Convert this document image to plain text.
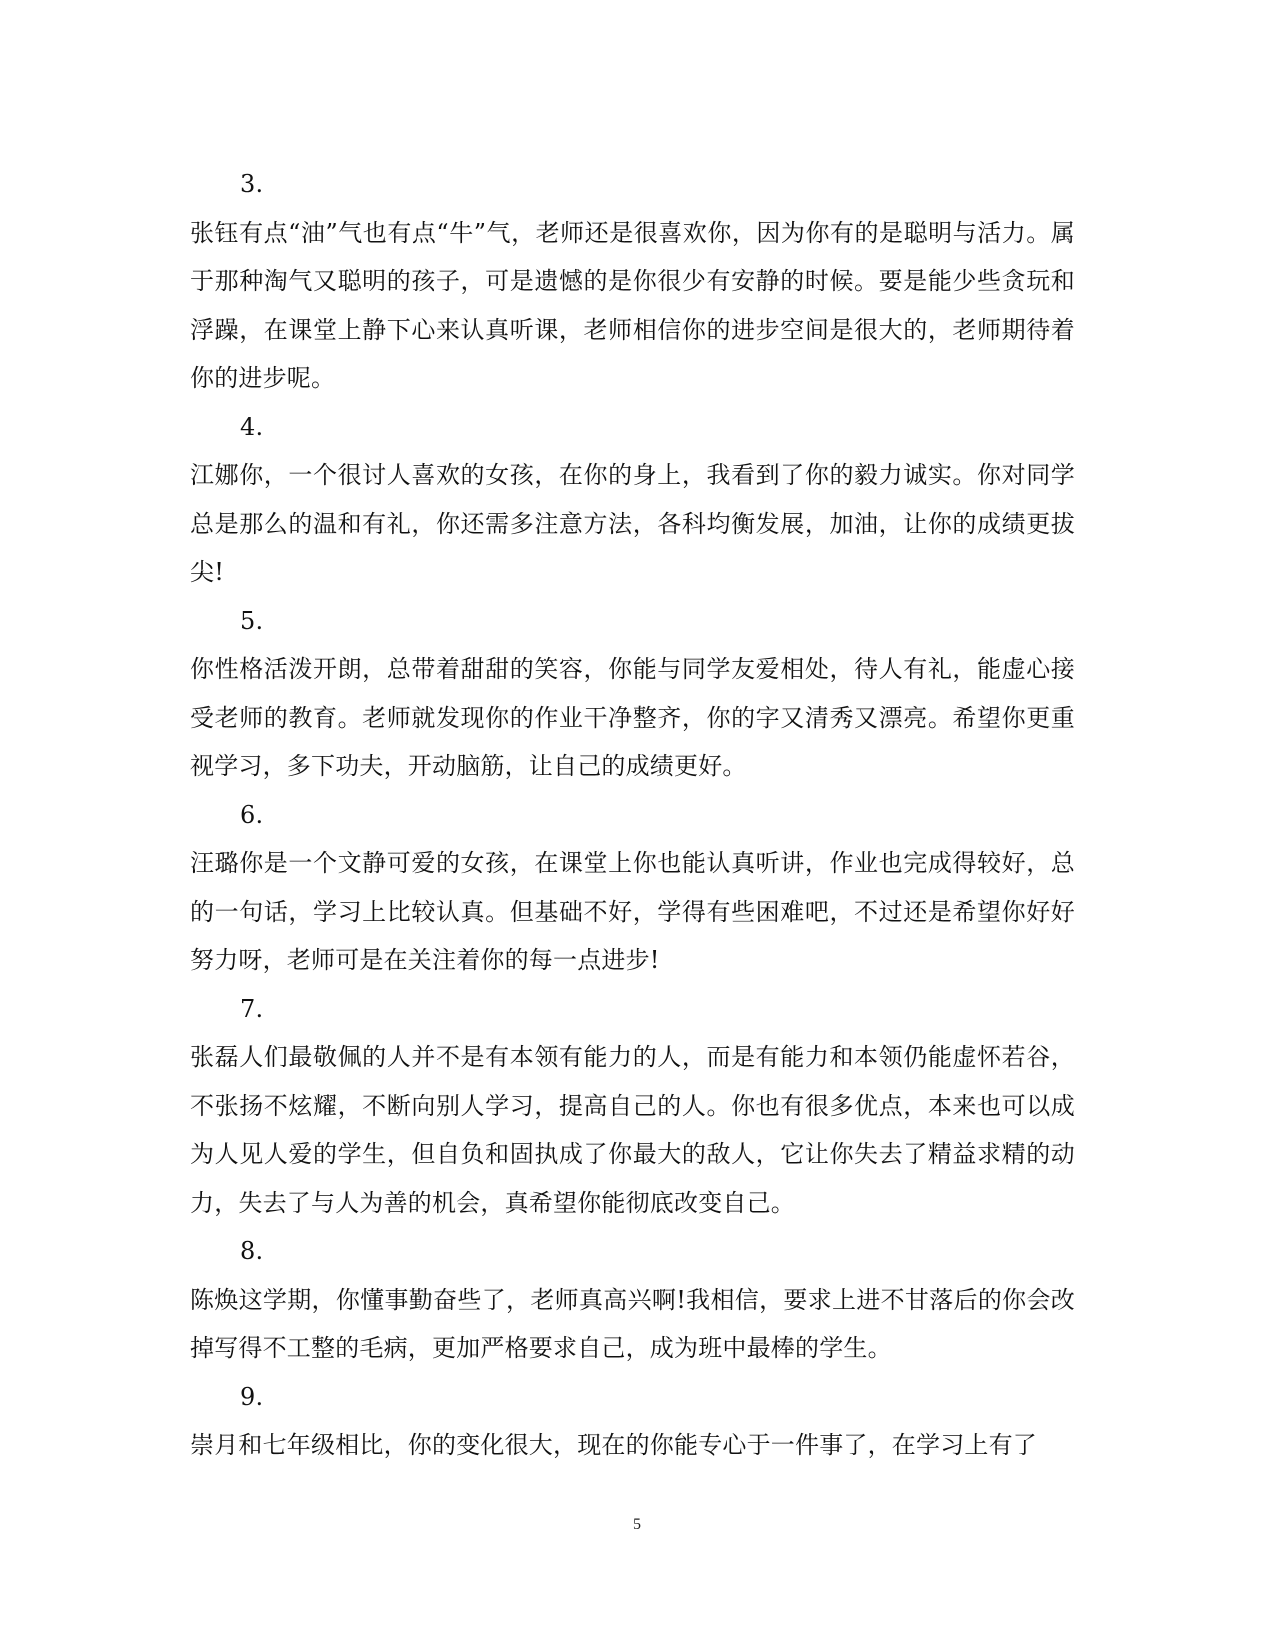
3.
张钰有点“油”气也有点“牛”气，老师还是很喜欢你，因为你有的是聪明与活力。属于那种淘气又聪明的孩子，可是遗憾的是你很少有安静的时候。要是能少些贪玩和浮躁，在课堂上静下心来认真听课，老师相信你的进步空间是很大的，老师期待着你的进步呢。
4.
江娜你，一个很讨人喜欢的女孩，在你的身上，我看到了你的毅力诚实。你对同学总是那么的温和有礼，你还需多注意方法，各科均衡发展，加油，让你的成绩更拔尖!
5.
你性格活泼开朗，总带着甜甜的笑容，你能与同学友爱相处，待人有礼，能虚心接受老师的教育。老师就发现你的作业干净整齐，你的字又清秀又漂亮。希望你更重视学习，多下功夫，开动脑筋，让自己的成绩更好。
6.
汪璐你是一个文静可爱的女孩，在课堂上你也能认真听讲，作业也完成得较好，总的一句话，学习上比较认真。但基础不好，学得有些困难吧，不过还是希望你好好努力呀，老师可是在关注着你的每一点进步!
7.
张磊人们最敬佩的人并不是有本领有能力的人，而是有能力和本领仍能虚怀若谷，不张扬不炫耀，不断向别人学习，提高自己的人。你也有很多优点，本来也可以成为人见人爱的学生，但自负和固执成了你最大的敌人，它让你失去了精益求精的动力，失去了与人为善的机会，真希望你能彻底改变自己。
8.
陈焕这学期，你懂事勤奋些了，老师真高兴啊!我相信，要求上进不甘落后的你会改掉写得不工整的毛病，更加严格要求自己，成为班中最棒的学生。
9.
崇月和七年级相比，你的变化很大，现在的你能专心于一件事了，在学习上有了
5
